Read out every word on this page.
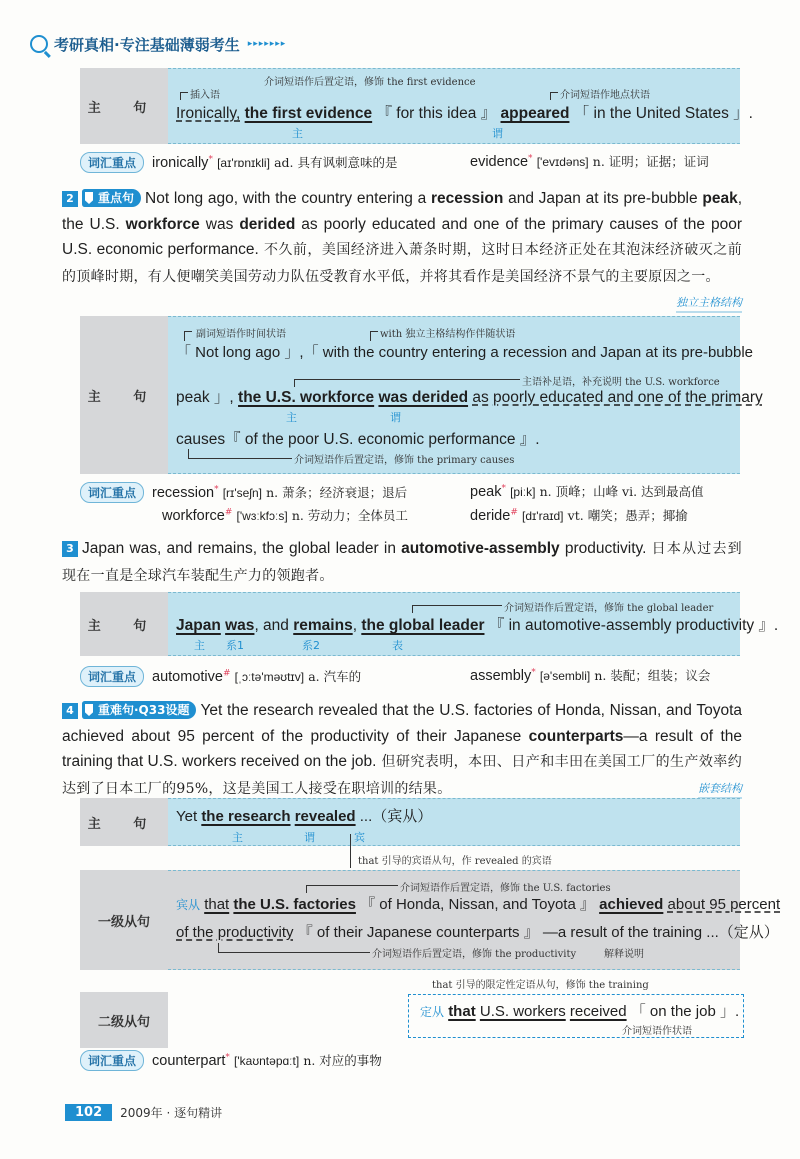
考研真相·专注基础薄弱考生 ▸▸▸▸▸▸▸
主 句
介词短语作后置定语，修饰 the first evidence
插入语	介词短语作地点状语
Ironically, the first evidence 『 for this idea 』 appeared 「 in the United States 」.
主	谓
词汇重点 ironically* [aɪ'rɒnɪkli] ad. 具有讽刺意味的是	evidence* ['evɪdəns] n. 证明；证据；证词
2 重点句 Not long ago, with the country entering a recession and Japan at its pre-bubble peak, the U.S. workforce was derided as poorly educated and one of the primary causes of the poor U.S. economic performance. 不久前，美国经济进入萧条时期，这时日本经济正处在其泡沫经济破灭之前的顶峰时期，有人便嘲笑美国劳动力队伍受教育水平低，并将其看作是美国经济不景气的主要原因之一。
独立主格结构
主 句
副词短语作时间状语	with 独立主格结构作伴随状语
「 Not long ago 」,「 with the country entering a recession and Japan at its pre-bubble
主语补足语，补充说明 the U.S. workforce
peak 」, the U.S. workforce was derided as poorly educated and one of the primary
主	谓
causes『 of the poor U.S. economic performance 』.
介词短语作后置定语，修饰 the primary causes
词汇重点 recession* [rɪ'seʃn] n. 萧条；经济衰退；退后	peak* [piːk] n. 顶峰；山峰 vi. 达到最高值
workforce# ['wɜːkfɔːs] n. 劳动力；全体员工	deride# [dɪ'raɪd] vt. 嘲笑；愚弄；揶揄
3 Japan was, and remains, the global leader in automotive-assembly productivity. 日本从过去到现在一直是全球汽车装配生产力的领跑者。
主 句
介词短语作后置定语，修饰 the global leader
Japan was, and remains, the global leader 『 in automotive-assembly productivity 』.
主 系1	系2	表
词汇重点 automotive# [ˌɔːtə'məʊtɪv] a. 汽车的	assembly* [ə'sembli] n. 装配；组装；议会
4 重难句·Q33设题 Yet the research revealed that the U.S. factories of Honda, Nissan, and Toyota achieved about 95 percent of the productivity of their Japanese counterparts—a result of the training that U.S. workers received on the job. 但研究表明，本田、日产和丰田在美国工厂的生产效率约达到了日本工厂的95%，这是美国工人接受在职培训的结果。	嵌套结构
主 句	Yet the research revealed ...（宾从）
主	谓	宾
that 引导的宾语从句，作 revealed 的宾语
一级从句
介词短语作后置定语，修饰 the U.S. factories
宾从 that the U.S. factories 『 of Honda, Nissan, and Toyota 』 achieved about 95 percent
of the productivity 『 of their Japanese counterparts 』 —a result of the training ...（定从）
介词短语作后置定语，修饰 the productivity	解释说明
that 引导的限定性定语从句，修饰 the training
二级从句
定从 that U.S. workers received 「 on the job 」.
介词短语作状语
词汇重点 counterpart* ['kaʊntəpɑːt] n. 对应的事物
102	2009年 · 逐句精讲
